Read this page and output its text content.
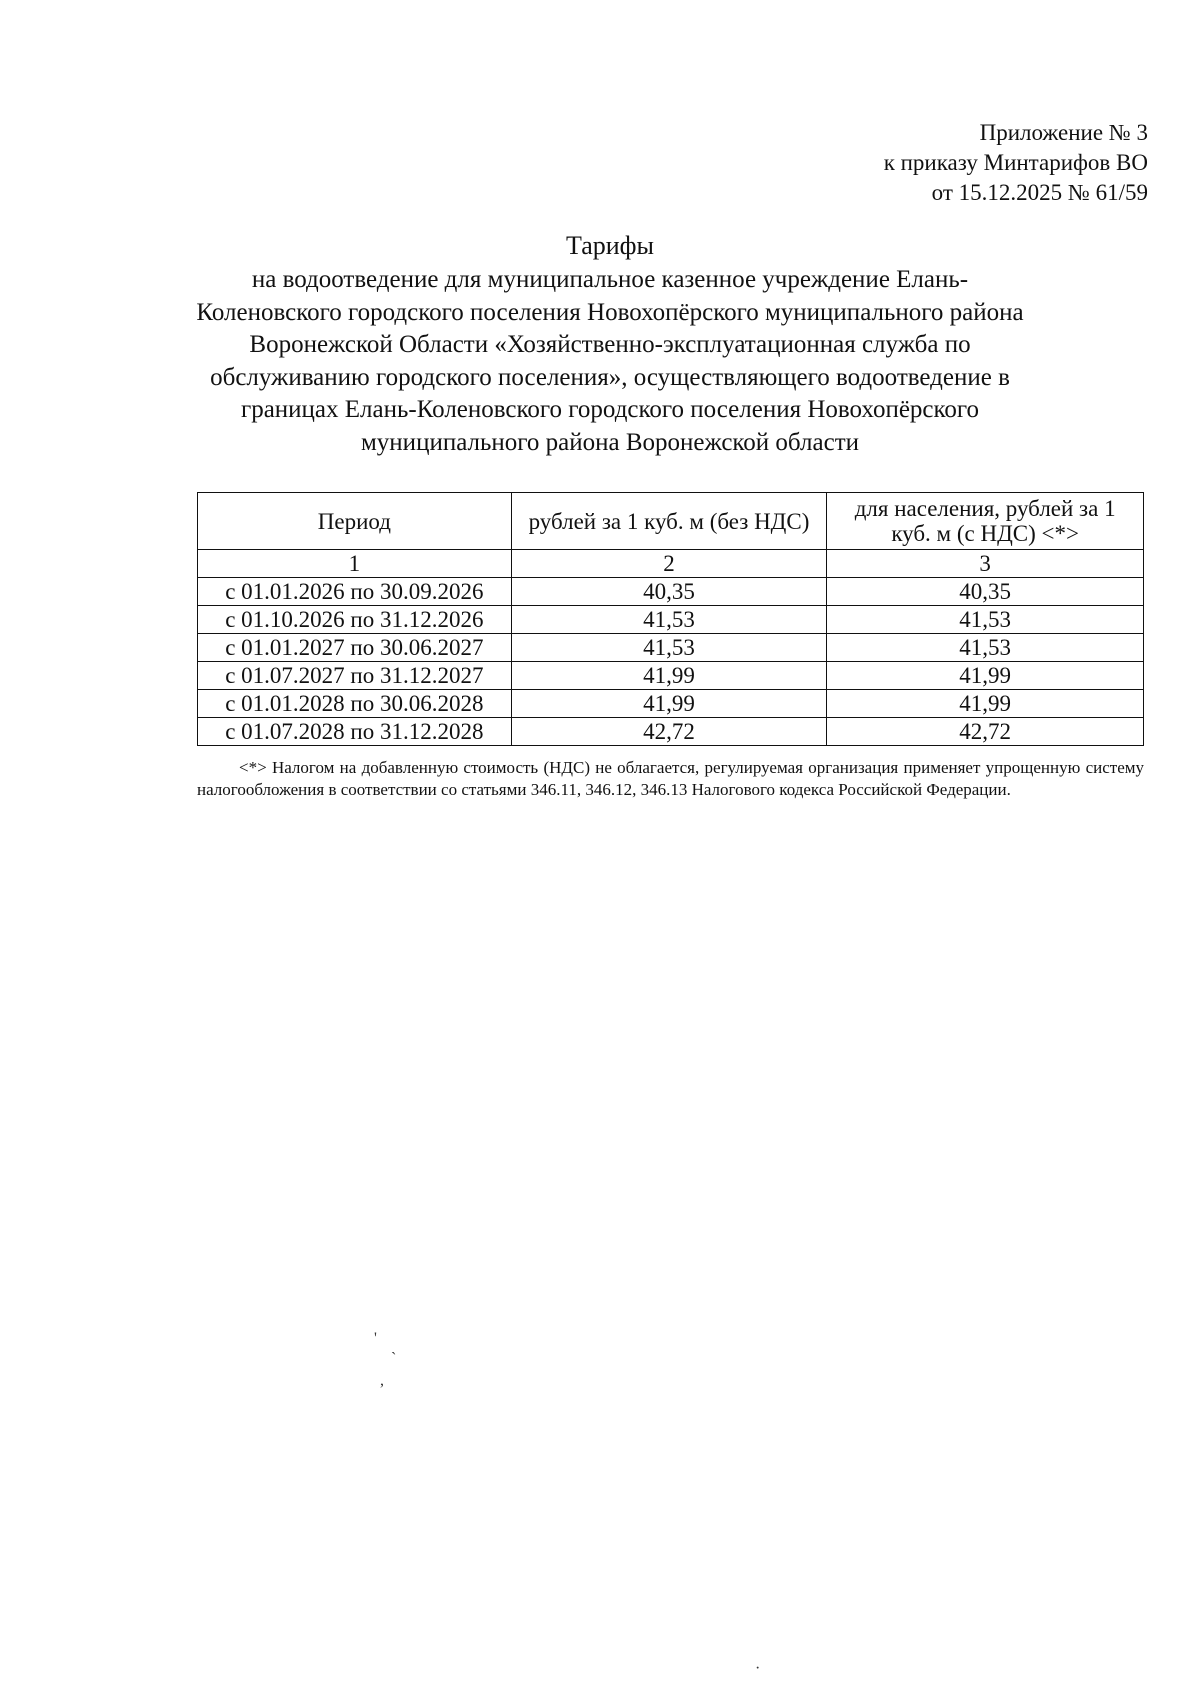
Приложение № 3
к приказу Минтарифов ВО
от 15.12.2025 № 61/59
Тарифы
на водоотведение для муниципальное казенное учреждение Елань-Коленовского городского поселения Новохопёрского муниципального района Воронежской Области «Хозяйственно-эксплуатационная служба по обслуживанию городского поселения», осуществляющего водоотведение в границах Елань-Коленовского городского поселения Новохопёрского муниципального района Воронежской области
Период	рублей за 1 куб. м (без НДС)	для населения, рублей за 1 куб. м (с НДС) <*>
1	2	3
с 01.01.2026 по 30.09.2026	40,35	40,35
с 01.10.2026 по 31.12.2026	41,53	41,53
с 01.01.2027 по 30.06.2027	41,53	41,53
с 01.07.2027 по 31.12.2027	41,99	41,99
с 01.01.2028 по 30.06.2028	41,99	41,99
с 01.07.2028 по 31.12.2028	42,72	42,72
<*> Налогом на добавленную стоимость (НДС) не облагается, регулируемая организация применяет упрощенную систему налогообложения в соответствии со статьями 346.11, 346.12, 346.13 Налогового кодекса Российской Федерации.
'
`
,
·
